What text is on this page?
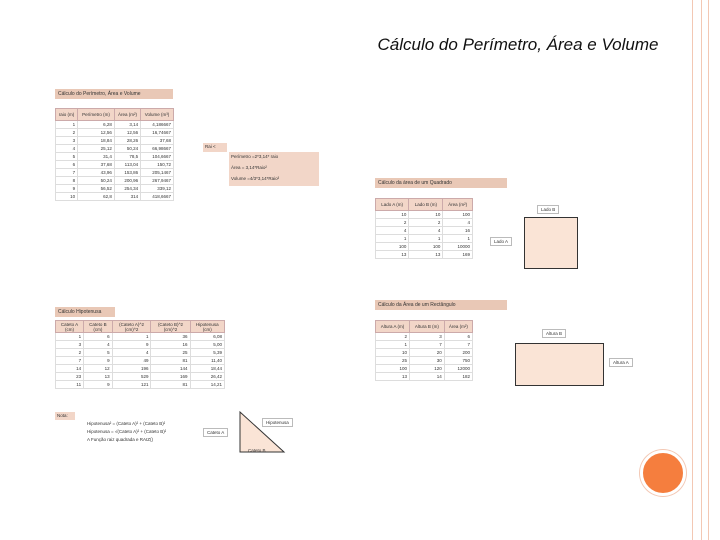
Cálculo do Perímetro, Área e Volume
Cálculo do Perímetro, Área e Volume
raio (m)	Perímetro (m)	Área (m²)	Volume (m³)
1	6,28	3,14	4,186667
2	12,56	12,56	16,74667
3	18,84	28,26	37,68
4	25,12	50,24	66,98667
5	31,4	78,5	104,6667
6	37,68	113,04	150,72
7	43,96	153,86	205,1467
8	50,24	200,96	267,9467
9	56,52	254,34	339,12
10	62,8	314	418,6667
Rai <
Perímetro =2*3,14* raio
Área = 3,14*Raio²
Volume =4/3*3,14*Raio³
Cálculo da área de um Quadrado
Lado A (m)	Lado B (m)	Área (m²)
10	10	100
2	2	4
4	4	16
1	1	1
100	100	10000
13	13	169
Lado B
Lado A
Cálculo da Área de um Rectângulo
Altura A (m)	Altura B (m)	Área (m²)
2	3	6
1	7	7
10	20	200
25	30	750
100	120	12000
13	14	182
Altura B
Altura A
Cálculo Hipotenusa
Cateto A (cm)	Cateto B (cm)	(Cateto A)^2 (cm)^2	(Cateto B)^2 (cm)^2	Hipotenusa (cm)
1	6	1	36	6,08
3	4	9	16	5,00
2	5	4	25	5,39
7	9	49	81	11,40
14	12	196	144	18,44
23	13	529	169	26,42
11	9	121	81	14,21
Nota:
Hipotenusa² = (Cateto A)² + (Cateto B)²
Hipotenusa = √(Cateto A)² + (Cateto B)²
A Função raiz quadrada e RAIZ()
Hipotenusa
Cateto A
Cateto B
